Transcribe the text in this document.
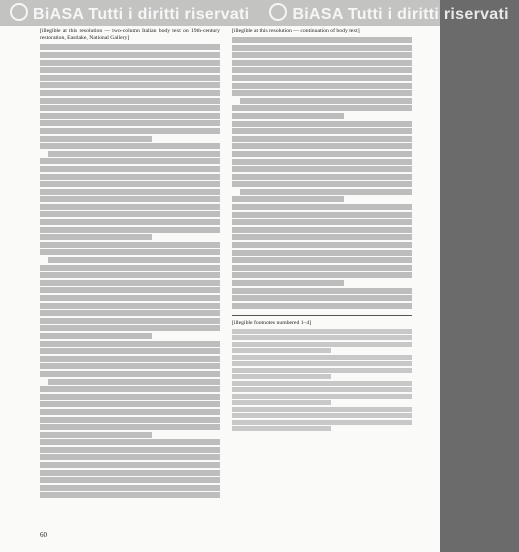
BiASA Tutti i diritti riservati	BiASA Tutti i diritti riservati

[illegible at this resolution — two-column Italian body text on 19th-century restoration, Eastlake, National Gallery]

[illegible at this resolution — continuation of body text]

[illegible footnotes numbered 1–4]

60
